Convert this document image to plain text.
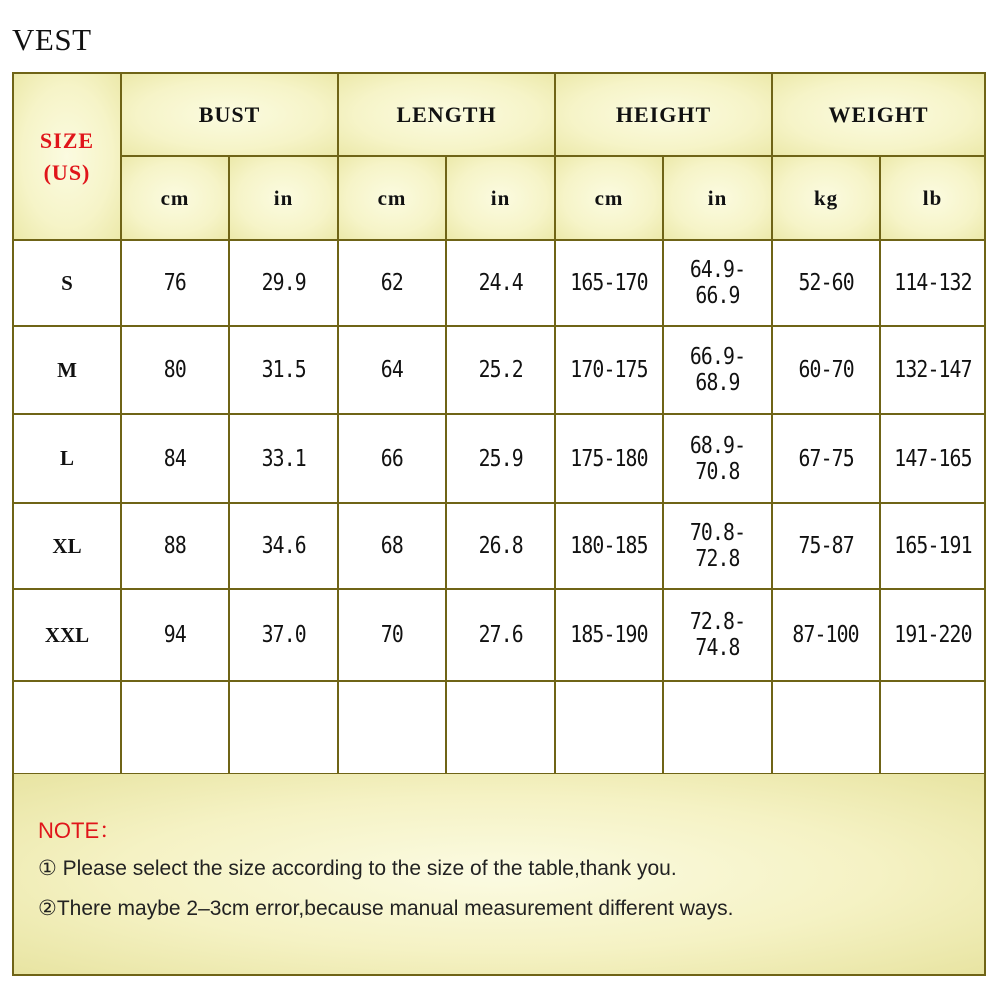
VEST
SIZE
(US)	BUST		LENGTH		HEIGHT		WEIGHT	
	cm	in	cm	in	cm	in	kg	lb
S	76	29.9	62	24.4	165-170	64.9-66.9	52-60	114-132
M	80	31.5	64	25.2	170-175	66.9-68.9	60-70	132-147
L	84	33.1	66	25.9	175-180	68.9-70.8	67-75	147-165
XL	88	34.6	68	26.8	180-185	70.8-72.8	75-87	165-191
XXL	94	37.0	70	27.6	185-190	72.8-74.8	87-100	191-220

NOTE：
① Please select the size according to the size of the table,thank you.
②There maybe 2–3cm error,because manual measurement different ways.
